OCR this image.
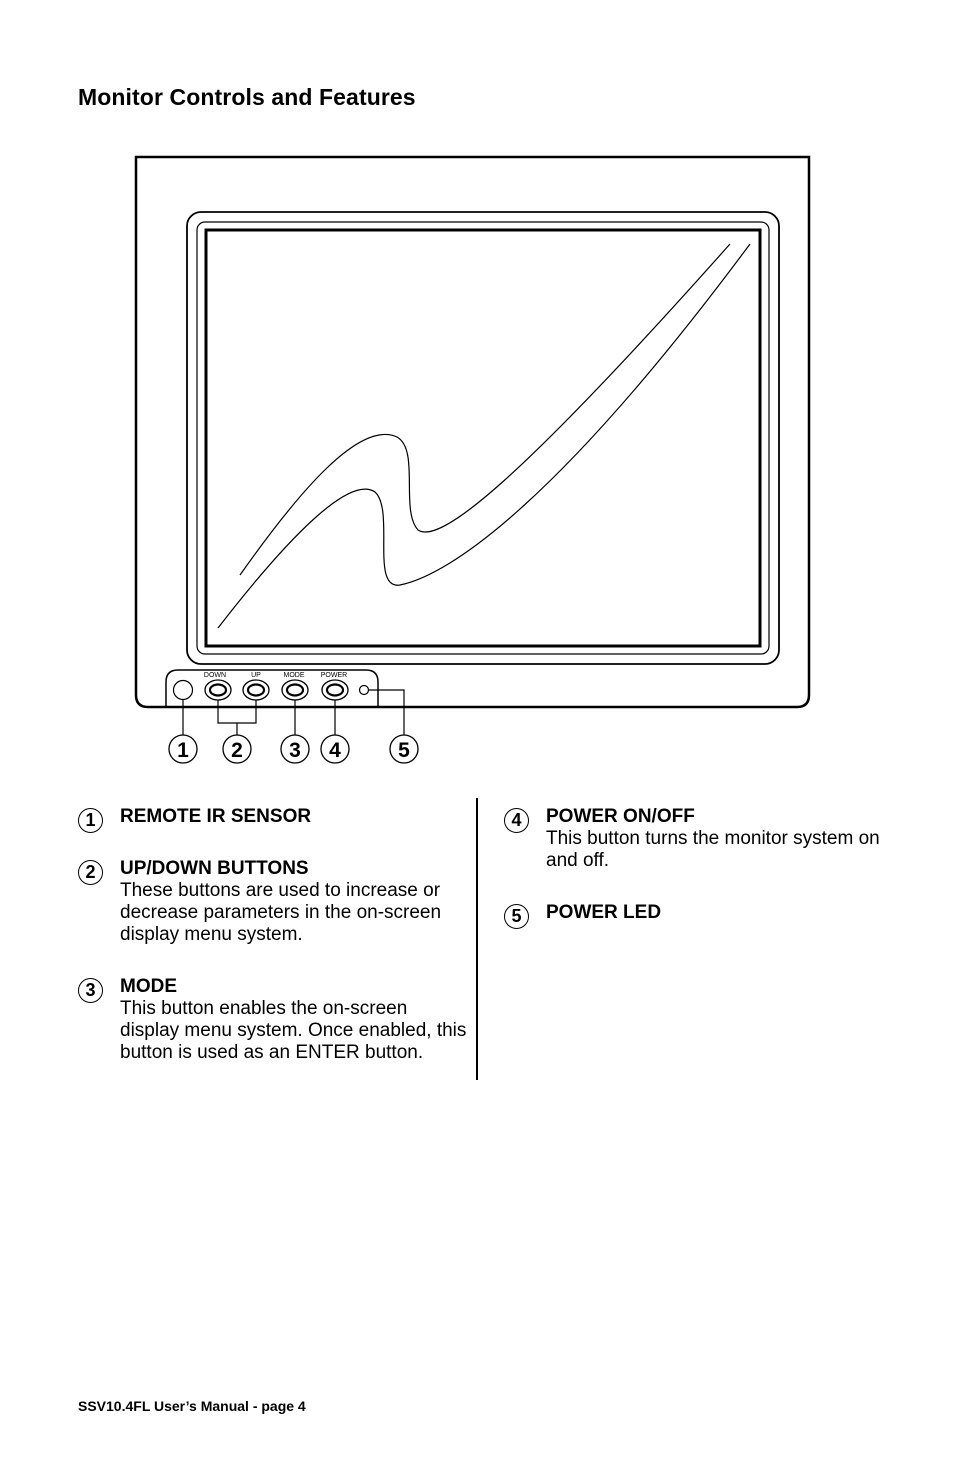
Monitor Controls and Features
DOWN	UP	MODE POWER
1 2 3 4	5
1	REMOTE IR SENSOR
2	UP/DOWN BUTTONS
These buttons are used to increase or decrease parameters in the on-screen display menu system.
3	MODE
This button enables the on-screen display menu system. Once enabled, this button is used as an ENTER button.
4	POWER ON/OFF
This button turns the monitor system on and off.
5	POWER LED
SSV10.4FL User’s Manual - page 4
